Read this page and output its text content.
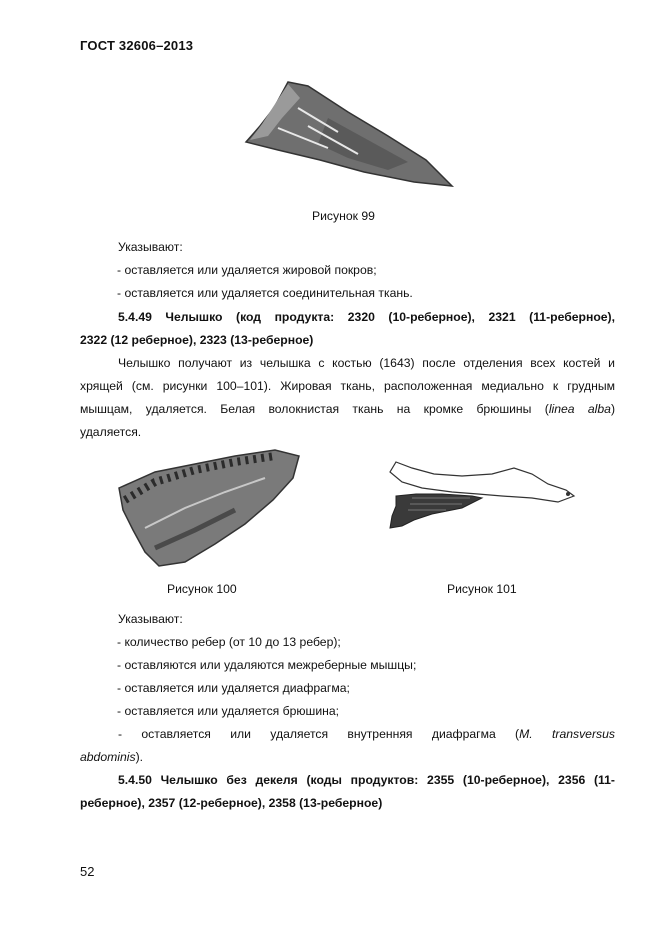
ГОСТ 32606–2013
Рисунок 99
Указывают:
- оставляется или удаляется жировой покров;
- оставляется или удаляется соединительная ткань.
5.4.49 Челышко (код продукта: 2320 (10-реберное), 2321 (11-реберное),
2322 (12 реберное), 2323 (13-реберное)
Челышко получают из челышка с костью (1643) после отделения всех костей и
хрящей (см. рисунки 100–101). Жировая ткань, расположенная медиально к грудным
мышцам, удаляется. Белая волокнистая ткань на кромке брюшины (linea alba)
удаляется.
Рисунок 100	Рисунок 101
Указывают:
- количество ребер (от 10 до 13 ребер);
- оставляются или удаляются межреберные мышцы;
- оставляется или удаляется диафрагма;
- оставляется или удаляется брюшина;
- оставляется или удаляется внутренняя диафрагма (M. transversus
abdominis).
5.4.50 Челышко без декеля (коды продуктов: 2355 (10-реберное), 2356 (11-
реберное), 2357 (12-реберное), 2358 (13-реберное)
52
